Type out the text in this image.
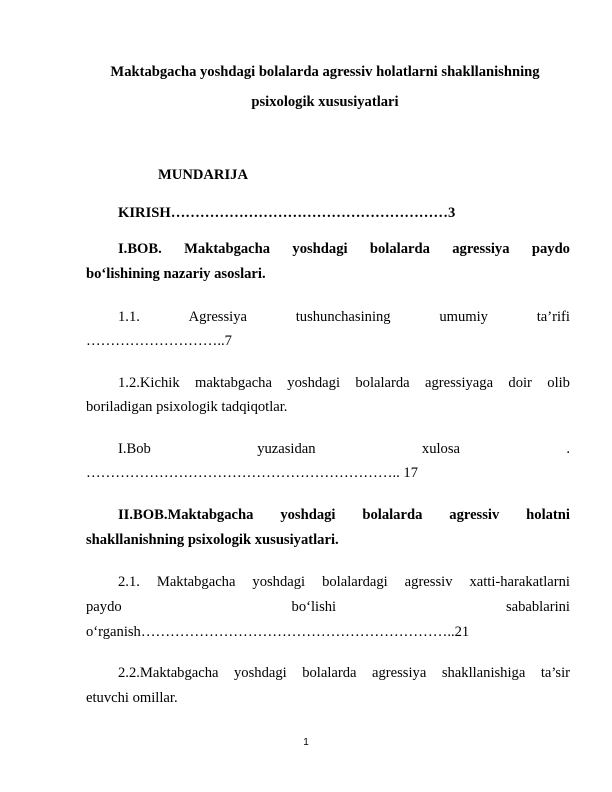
Maktabgacha yoshdagi bolalarda agressiv holatlarni shakllanishning
psixologik xususiyatlari
MUNDARIJA
KIRISH…………………………………………………3
I.BOB. Maktabgacha yoshdagi bolalarda agressiya paydo
bo‘lishining nazariy asoslari.
1.1.	Agressiya	tushunchasining	umumiy	ta’rifi
………………………..7
1.2.Kichik maktabgacha yoshdagi bolalarda agressiyaga doir olib
boriladigan psixologik tadqiqotlar.
I.Bob	yuzasidan	xulosa	.
……………………………………………………….. 17
II.BOB.Maktabgacha yoshdagi bolalarda agressiv holatni
shakllanishning psixologik xususiyatlari.
2.1. Maktabgacha yoshdagi bolalardagi agressiv xatti-harakatlarni
paydo	bo‘lishi	sabablarini
o‘rganish………………………………………………………..21
2.2.Maktabgacha yoshdagi bolalarda agressiya shakllanishiga ta’sir
etuvchi omillar.
1
